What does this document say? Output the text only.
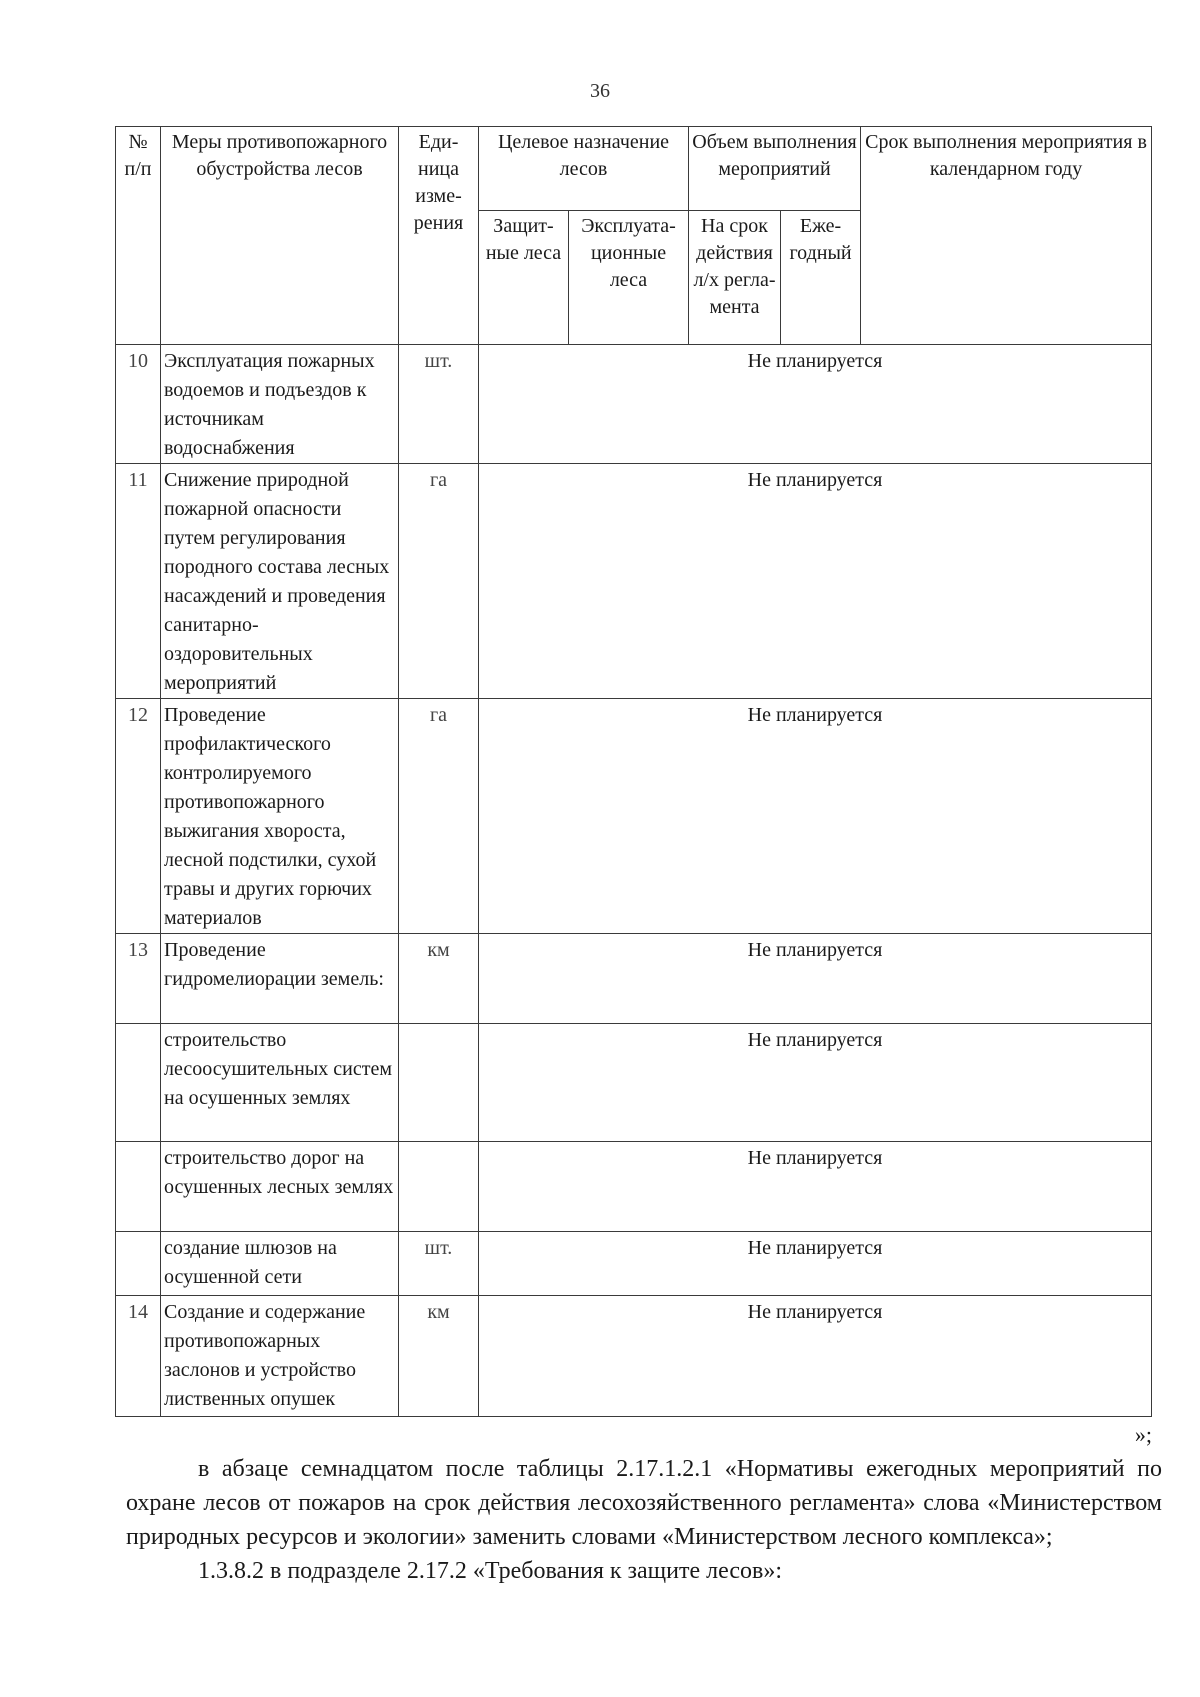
36
№ п/п	Меры противопожарного обустройства лесов	Еди-ница изме-рения	Целевое назначение лесов		Объем выполнения мероприятий		Срок выполнения мероприятия в календарном году
			Защит-ные леса	Эксплуата-ционные леса	На срок действия л/х регла-мента	Еже-годный	
10	Эксплуатация пожарных водоемов и подъездов к источникам водоснабжения	шт.	Не планируется				
11	Снижение природной пожарной опасности путем регулирования породного состава лесных насаждений и проведения санитарно-оздоровительных мероприятий	га	Не планируется				
12	Проведение профилактического контролируемого противопожарного выжигания хвороста, лесной подстилки, сухой травы и других горючих материалов	га	Не планируется				
13	Проведение гидромелиорации земель:	км	Не планируется				
	строительство лесоосушительных систем на осушенных землях		Не планируется				
	строительство дорог на осушенных лесных землях		Не планируется				
	создание шлюзов на осушенной сети	шт.	Не планируется				
14	Создание и содержание противопожарных заслонов и устройство лиственных опушек	км	Не планируется				
»;

в абзаце семнадцатом после таблицы 2.17.1.2.1 «Нормативы ежегодных мероприятий по охране лесов от пожаров на срок действия лесохозяйственного регламента» слова «Министерством природных ресурсов и экологии» заменить словами «Министерством лесного комплекса»;

1.3.8.2 в подразделе 2.17.2 «Требования к защите лесов»:
